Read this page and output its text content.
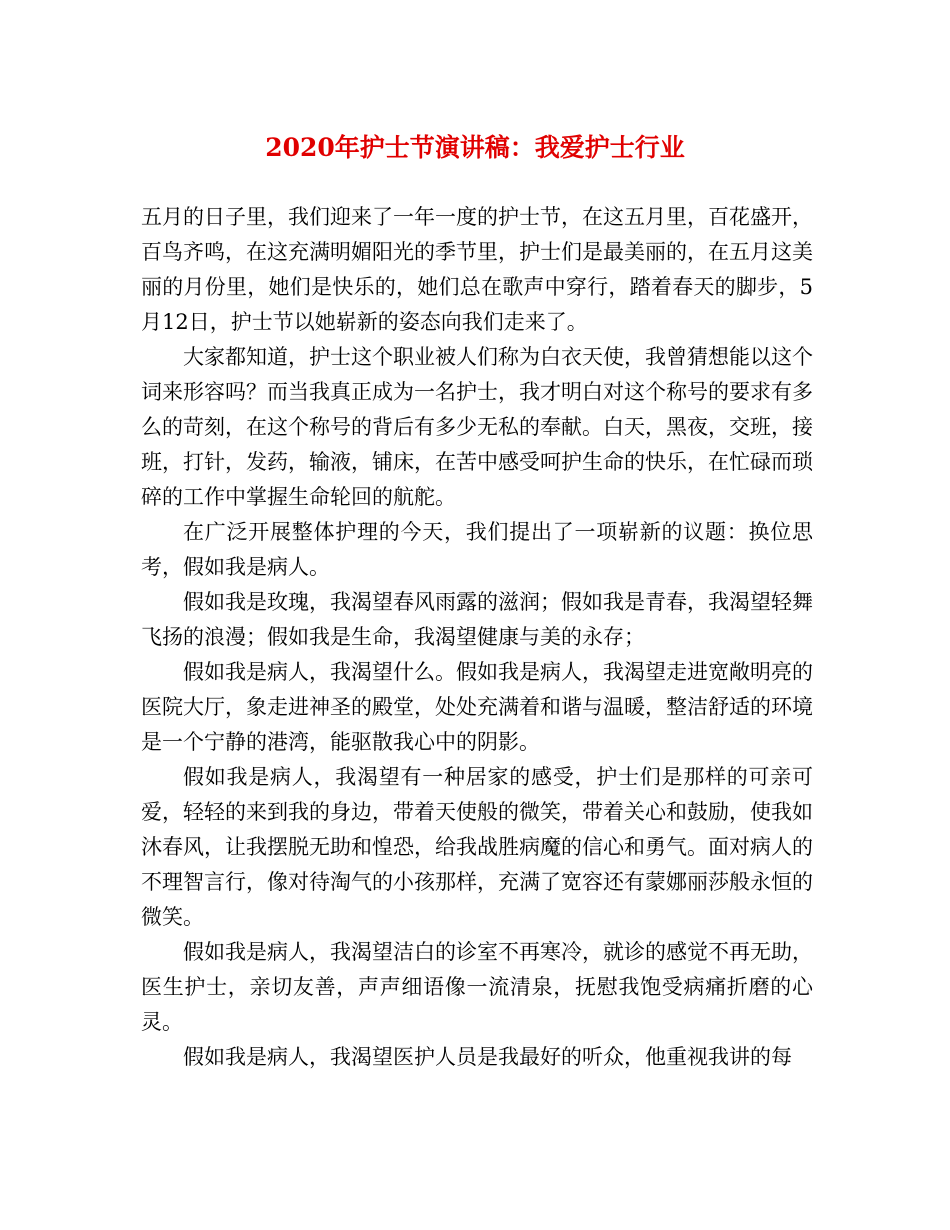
2020年护士节演讲稿：我爱护士行业

五月的日子里，我们迎来了一年一度的护士节，在这五月里，百花盛开，百鸟齐鸣，在这充满明媚阳光的季节里，护士们是最美丽的，在五月这美丽的月份里，她们是快乐的，她们总在歌声中穿行，踏着春天的脚步，5月12日，护士节以她崭新的姿态向我们走来了。

大家都知道，护士这个职业被人们称为白衣天使，我曾猜想能以这个词来形容吗？而当我真正成为一名护士，我才明白对这个称号的要求有多么的苛刻，在这个称号的背后有多少无私的奉献。白天，黑夜，交班，接班，打针，发药，输液，铺床，在苦中感受呵护生命的快乐，在忙碌而琐碎的工作中掌握生命轮回的航舵。

在广泛开展整体护理的今天，我们提出了一项崭新的议题：换位思考，假如我是病人。

假如我是玫瑰，我渴望春风雨露的滋润；假如我是青春，我渴望轻舞飞扬的浪漫；假如我是生命，我渴望健康与美的永存；

假如我是病人，我渴望什么。假如我是病人，我渴望走进宽敞明亮的医院大厅，象走进神圣的殿堂，处处充满着和谐与温暖，整洁舒适的环境是一个宁静的港湾，能驱散我心中的阴影。

假如我是病人，我渴望有一种居家的感受，护士们是那样的可亲可爱，轻轻的来到我的身边，带着天使般的微笑，带着关心和鼓励，使我如沐春风，让我摆脱无助和惶恐，给我战胜病魔的信心和勇气。面对病人的不理智言行，像对待淘气的小孩那样，充满了宽容还有蒙娜丽莎般永恒的微笑。

假如我是病人，我渴望洁白的诊室不再寒冷，就诊的感觉不再无助，医生护士，亲切友善，声声细语像一流清泉，抚慰我饱受病痛折磨的心灵。

假如我是病人，我渴望医护人员是我最好的听众，他重视我讲的每
